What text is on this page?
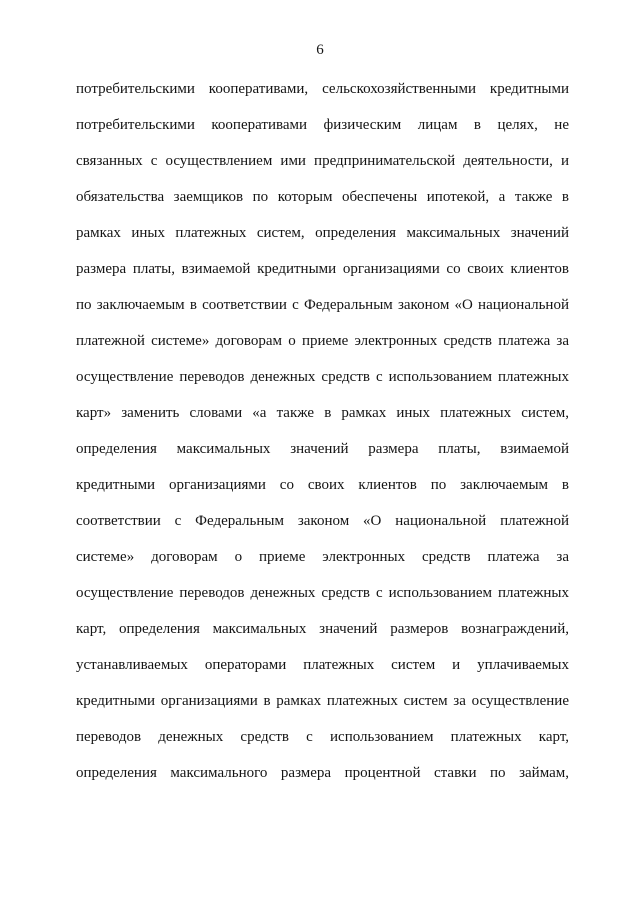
6
потребительскими кооперативами, сельскохозяйственными кредитными
потребительскими кооперативами физическим лицам в целях, не
связанных с осуществлением ими предпринимательской деятельности, и
обязательства заемщиков по которым обеспечены ипотекой, а также в
рамках иных платежных систем, определения максимальных значений
размера платы, взимаемой кредитными организациями со своих клиентов
по заключаемым в соответствии с Федеральным законом «О национальной
платежной системе» договорам о приеме электронных средств платежа за
осуществление переводов денежных средств с использованием платежных
карт» заменить словами «а также в рамках иных платежных систем,
определения максимальных значений размера платы, взимаемой
кредитными организациями со своих клиентов по заключаемым в
соответствии с Федеральным законом «О национальной платежной
системе» договорам о приеме электронных средств платежа за
осуществление переводов денежных средств с использованием платежных
карт, определения максимальных значений размеров вознаграждений,
устанавливаемых операторами платежных систем и уплачиваемых
кредитными организациями в рамках платежных систем за осуществление
переводов денежных средств с использованием платежных карт,
определения максимального размера процентной ставки по займам,
